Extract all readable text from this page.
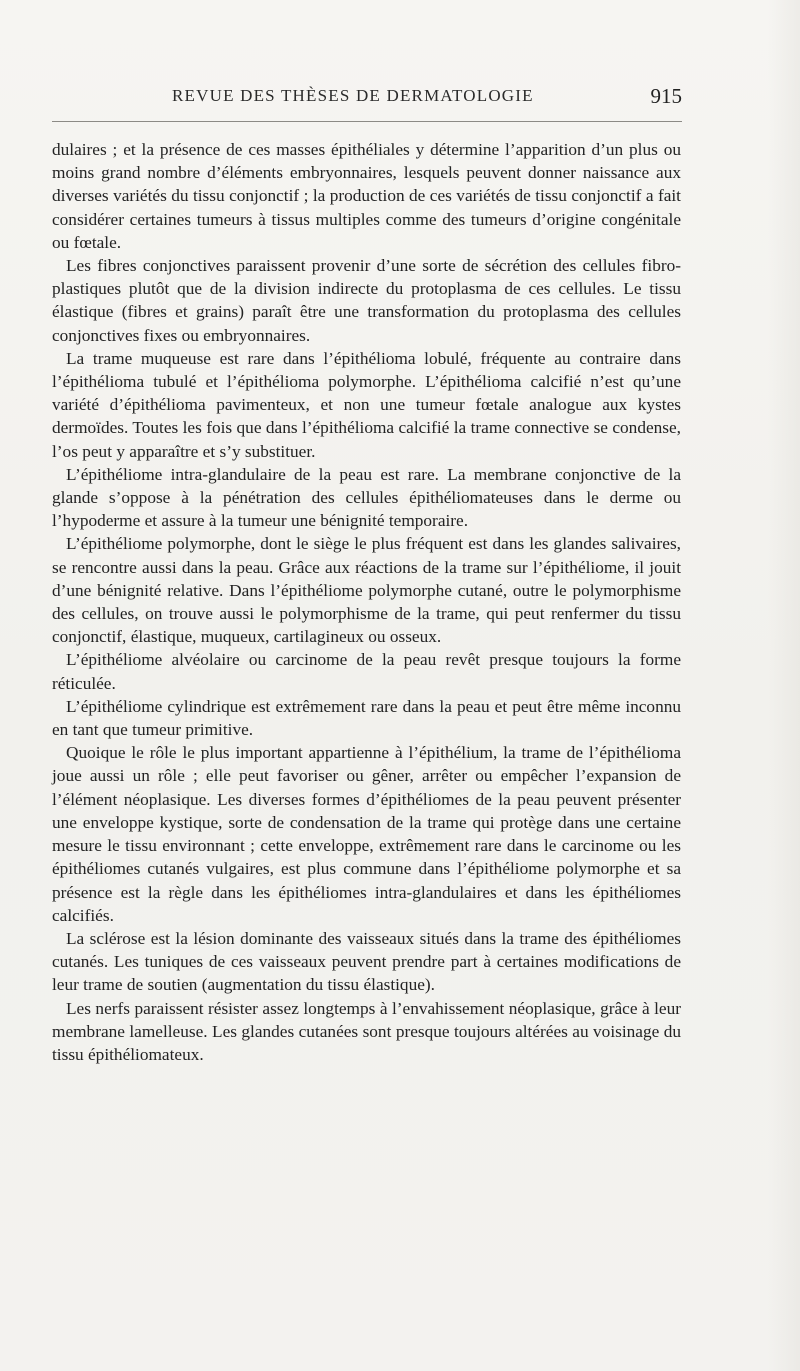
REVUE DES THÈSES DE DERMATOLOGIE	915

dulaires ; et la présence de ces masses épithéliales y détermine l’apparition d’un plus ou moins grand nombre d’éléments embryonnaires, lesquels peuvent donner naissance aux diverses variétés du tissu conjonctif ; la production de ces variétés de tissu conjonctif a fait considérer certaines tumeurs à tissus multiples comme des tumeurs d’origine congénitale ou fœtale.

Les fibres conjonctives paraissent provenir d’une sorte de sécrétion des cellules fibro-plastiques plutôt que de la division indirecte du protoplasma de ces cellules. Le tissu élastique (fibres et grains) paraît être une transformation du protoplasma des cellules conjonctives fixes ou embryonnaires.

La trame muqueuse est rare dans l’épithélioma lobulé, fréquente au contraire dans l’épithélioma tubulé et l’épithélioma polymorphe. L’épithélioma calcifié n’est qu’une variété d’épithélioma pavimenteux, et non une tumeur fœtale analogue aux kystes dermoïdes. Toutes les fois que dans l’épithélioma calcifié la trame connective se condense, l’os peut y apparaître et s’y substituer.

L’épithéliome intra-glandulaire de la peau est rare. La membrane conjonctive de la glande s’oppose à la pénétration des cellules épithéliomateuses dans le derme ou l’hypoderme et assure à la tumeur une bénignité temporaire.

L’épithéliome polymorphe, dont le siège le plus fréquent est dans les glandes salivaires, se rencontre aussi dans la peau. Grâce aux réactions de la trame sur l’épithéliome, il jouit d’une bénignité relative. Dans l’épithéliome polymorphe cutané, outre le polymorphisme des cellules, on trouve aussi le polymorphisme de la trame, qui peut renfermer du tissu conjonctif, élastique, muqueux, cartilagineux ou osseux.

L’épithéliome alvéolaire ou carcinome de la peau revêt presque toujours la forme réticulée.

L’épithéliome cylindrique est extrêmement rare dans la peau et peut être même inconnu en tant que tumeur primitive.

Quoique le rôle le plus important appartienne à l’épithélium, la trame de l’épithélioma joue aussi un rôle ; elle peut favoriser ou gêner, arrêter ou empêcher l’expansion de l’élément néoplasique. Les diverses formes d’épithéliomes de la peau peuvent présenter une enveloppe kystique, sorte de condensation de la trame qui protège dans une certaine mesure le tissu environnant ; cette enveloppe, extrêmement rare dans le carcinome ou les épithéliomes cutanés vulgaires, est plus commune dans l’épithéliome polymorphe et sa présence est la règle dans les épithéliomes intra-glandulaires et dans les épithéliomes calcifiés.

La sclérose est la lésion dominante des vaisseaux situés dans la trame des épithéliomes cutanés. Les tuniques de ces vaisseaux peuvent prendre part à certaines modifications de leur trame de soutien (augmentation du tissu élastique).

Les nerfs paraissent résister assez longtemps à l’envahissement néoplasique, grâce à leur membrane lamelleuse. Les glandes cutanées sont presque toujours altérées au voisinage du tissu épithéliomateux.
